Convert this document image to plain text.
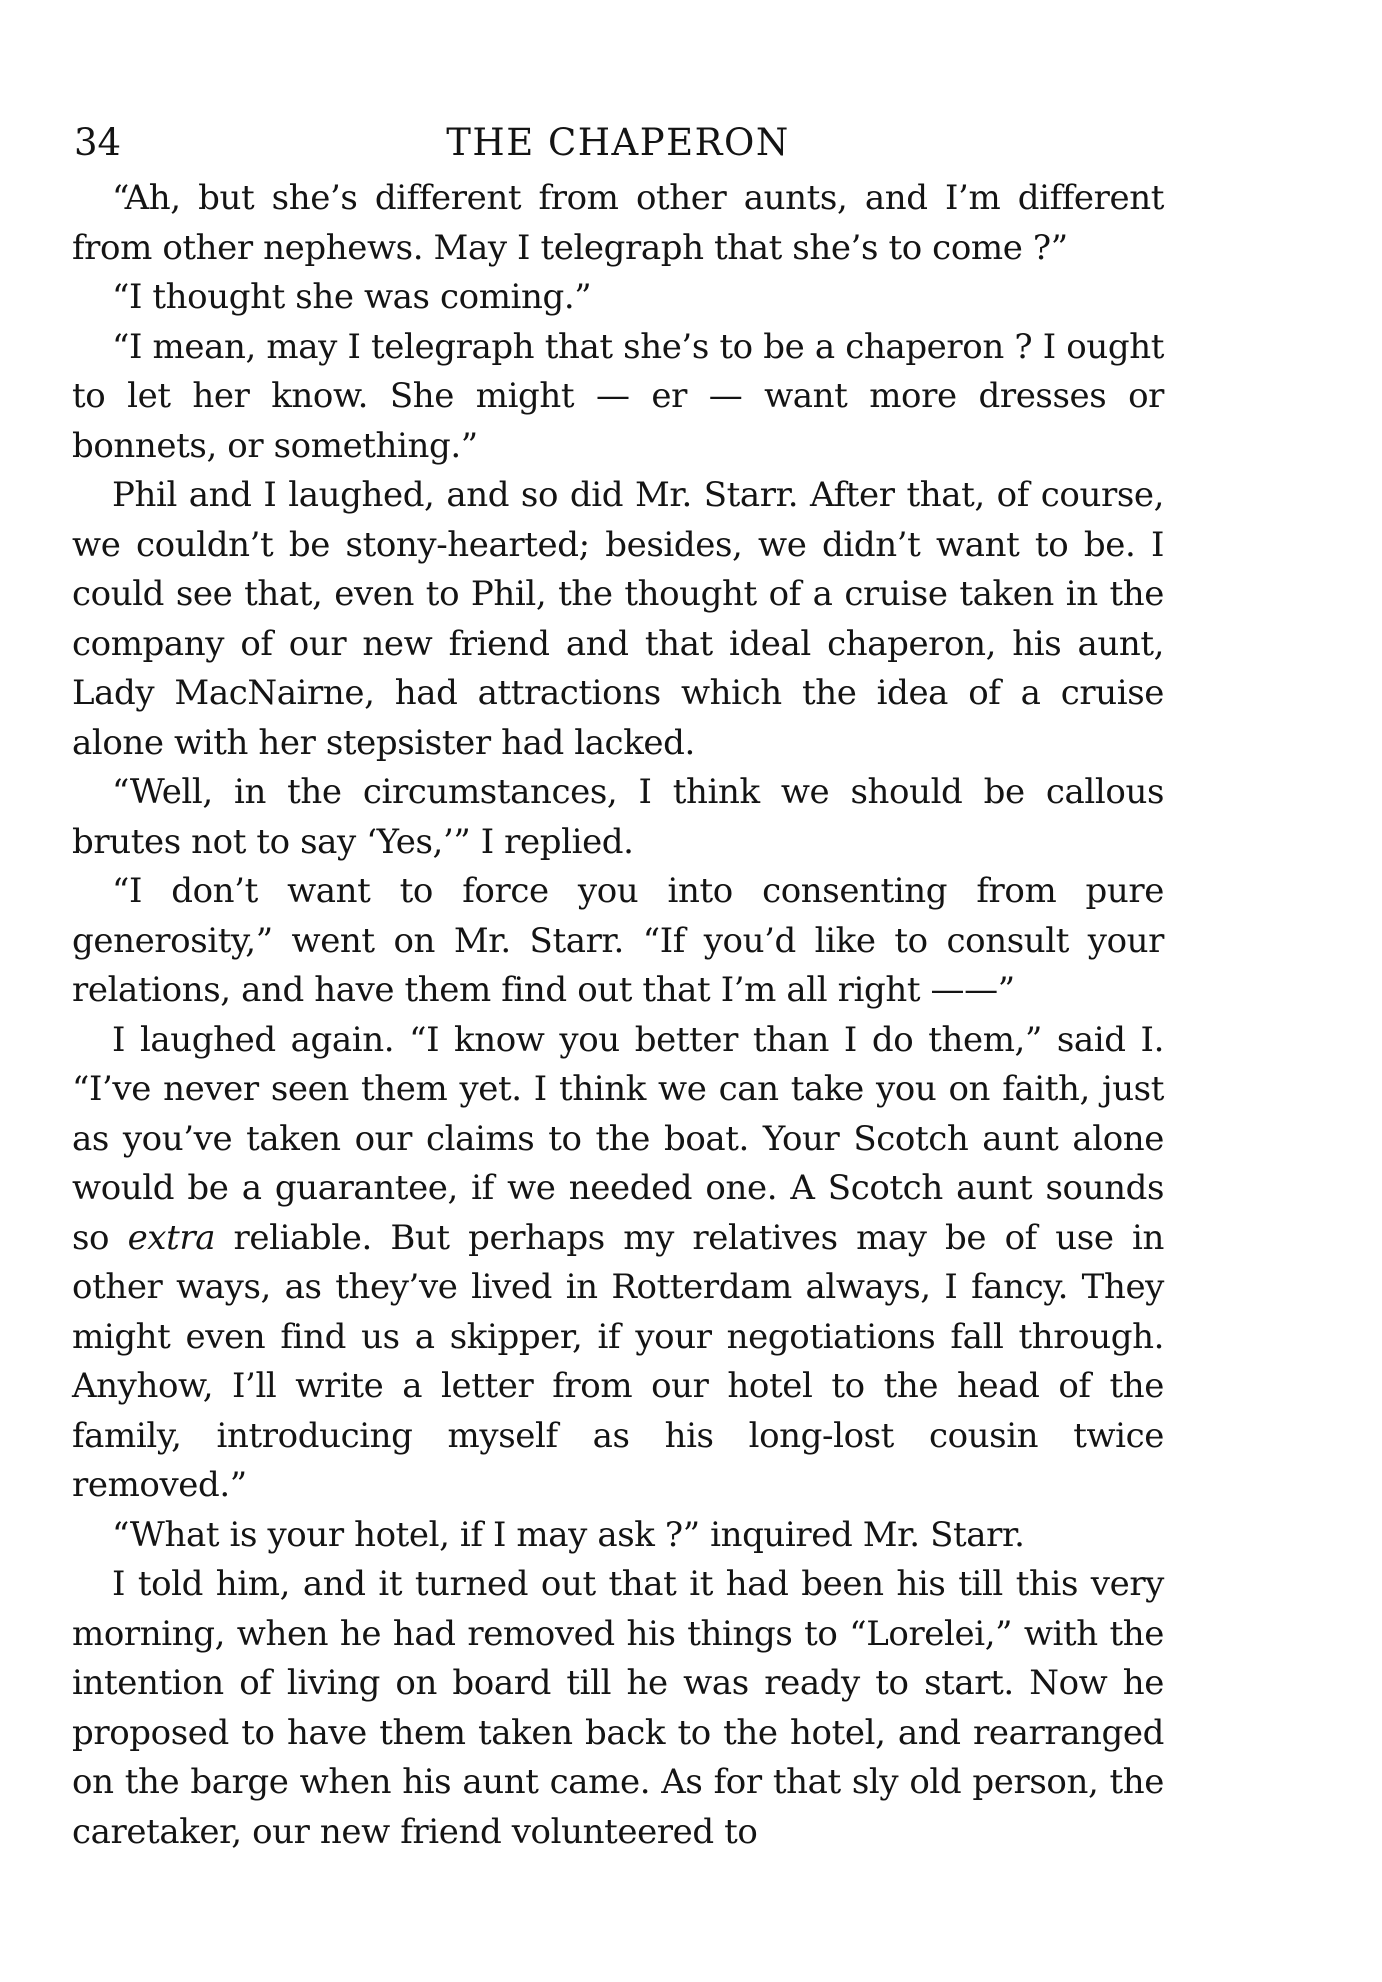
34	THE CHAPERON

“Ah, but she’s different from other aunts, and I’m different from other nephews. May I telegraph that she’s to come ?”

“I thought she was coming.”

“I mean, may I telegraph that she’s to be a chaperon ? I ought to let her know. She might — er — want more dresses or bonnets, or something.”

Phil and I laughed, and so did Mr. Starr. After that, of course, we couldn’t be stony-hearted; besides, we didn’t want to be. I could see that, even to Phil, the thought of a cruise taken in the company of our new friend and that ideal chaperon, his aunt, Lady MacNairne, had attractions which the idea of a cruise alone with her stepsister had lacked.

“Well, in the circumstances, I think we should be callous brutes not to say ‘Yes,’” I replied.

“I don’t want to force you into consenting from pure generosity,” went on Mr. Starr. “If you’d like to consult your relations, and have them find out that I’m all right ——”

I laughed again. “I know you better than I do them,” said I. “I’ve never seen them yet. I think we can take you on faith, just as you’ve taken our claims to the boat. Your Scotch aunt alone would be a guarantee, if we needed one. A Scotch aunt sounds so extra reliable. But perhaps my relatives may be of use in other ways, as they’ve lived in Rotterdam always, I fancy. They might even find us a skipper, if your negotiations fall through. Anyhow, I’ll write a letter from our hotel to the head of the family, introducing myself as his long-lost cousin twice removed.”

“What is your hotel, if I may ask ?” inquired Mr. Starr.

I told him, and it turned out that it had been his till this very morning, when he had removed his things to “Lorelei,” with the intention of living on board till he was ready to start. Now he proposed to have them taken back to the hotel, and rearranged on the barge when his aunt came. As for that sly old person, the caretaker, our new friend volunteered to
